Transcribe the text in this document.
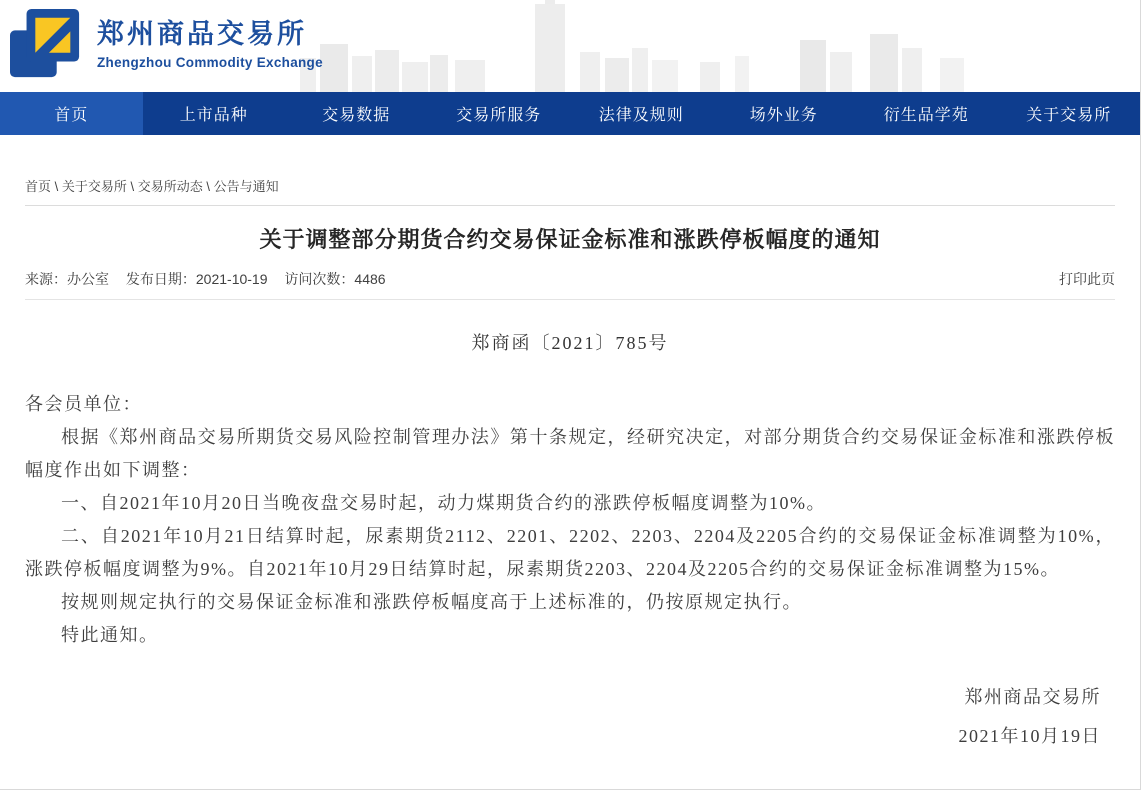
郑州商品交易所
Zhengzhou Commodity Exchange
首页	上市品种	交易数据	交易所服务	法律及规则	场外业务	衍生品学苑	关于交易所
首页 \ 关于交易所 \ 交易所动态 \ 公告与通知
关于调整部分期货合约交易保证金标准和涨跌停板幅度的通知
来源：办公室 发布日期：2021-10-19 访问次数：4486	打印此页
郑商函〔2021〕785号

各会员单位：

根据《郑州商品交易所期货交易风险控制管理办法》第十条规定，经研究决定，对部分期货合约交易保证金标准和涨跌停板幅度作出如下调整：

一、自2021年10月20日当晚夜盘交易时起，动力煤期货合约的涨跌停板幅度调整为10%。

二、自2021年10月21日结算时起，尿素期货2112、2201、2202、2203、2204及2205合约的交易保证金标准调整为10%，涨跌停板幅度调整为9%。自2021年10月29日结算时起，尿素期货2203、2204及2205合约的交易保证金标准调整为15%。

按规则规定执行的交易保证金标准和涨跌停板幅度高于上述标准的，仍按原规定执行。

特此通知。

郑州商品交易所
2021年10月19日
